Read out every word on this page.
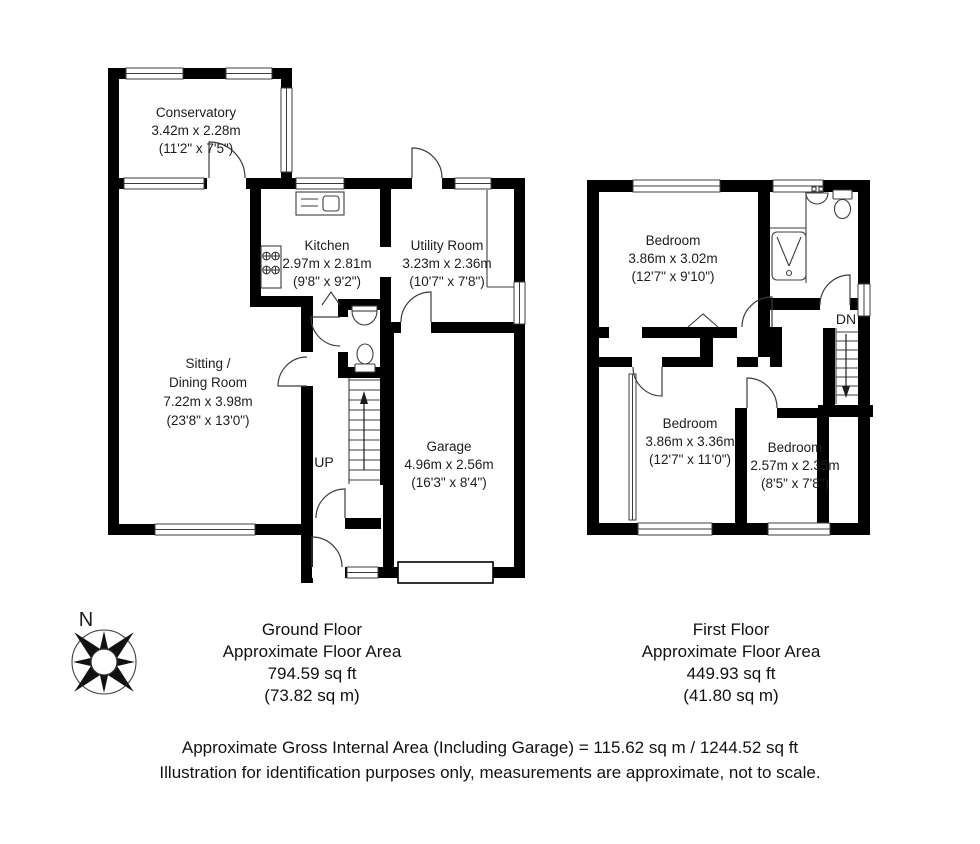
Conservatory
3.42m x 2.28m
(11'2" x 7'5")
Kitchen
2.97m x 2.81m
(9'8" x 9'2")
Utility Room
3.23m x 2.36m
(10'7" x 7'8")
Sitting /
Dining Room
7.22m x 3.98m
(23'8" x 13'0")
Garage
4.96m x 2.56m
(16'3" x 8'4")
UP
Bedroom
3.86m x 3.02m
(12'7" x 9'10")
Bedroom
3.86m x 3.36m
(12'7" x 11'0")
Bedroom
2.57m x 2.35m
(8'5" x 7'8")
DN
N	Ground Floor
Approximate Floor Area
794.59 sq ft
(73.82 sq m)
First Floor
Approximate Floor Area
449.93 sq ft
(41.80 sq m)
Approximate Gross Internal Area (Including Garage) = 115.62 sq m / 1244.52 sq ft
Illustration for identification purposes only, measurements are approximate, not to scale.
